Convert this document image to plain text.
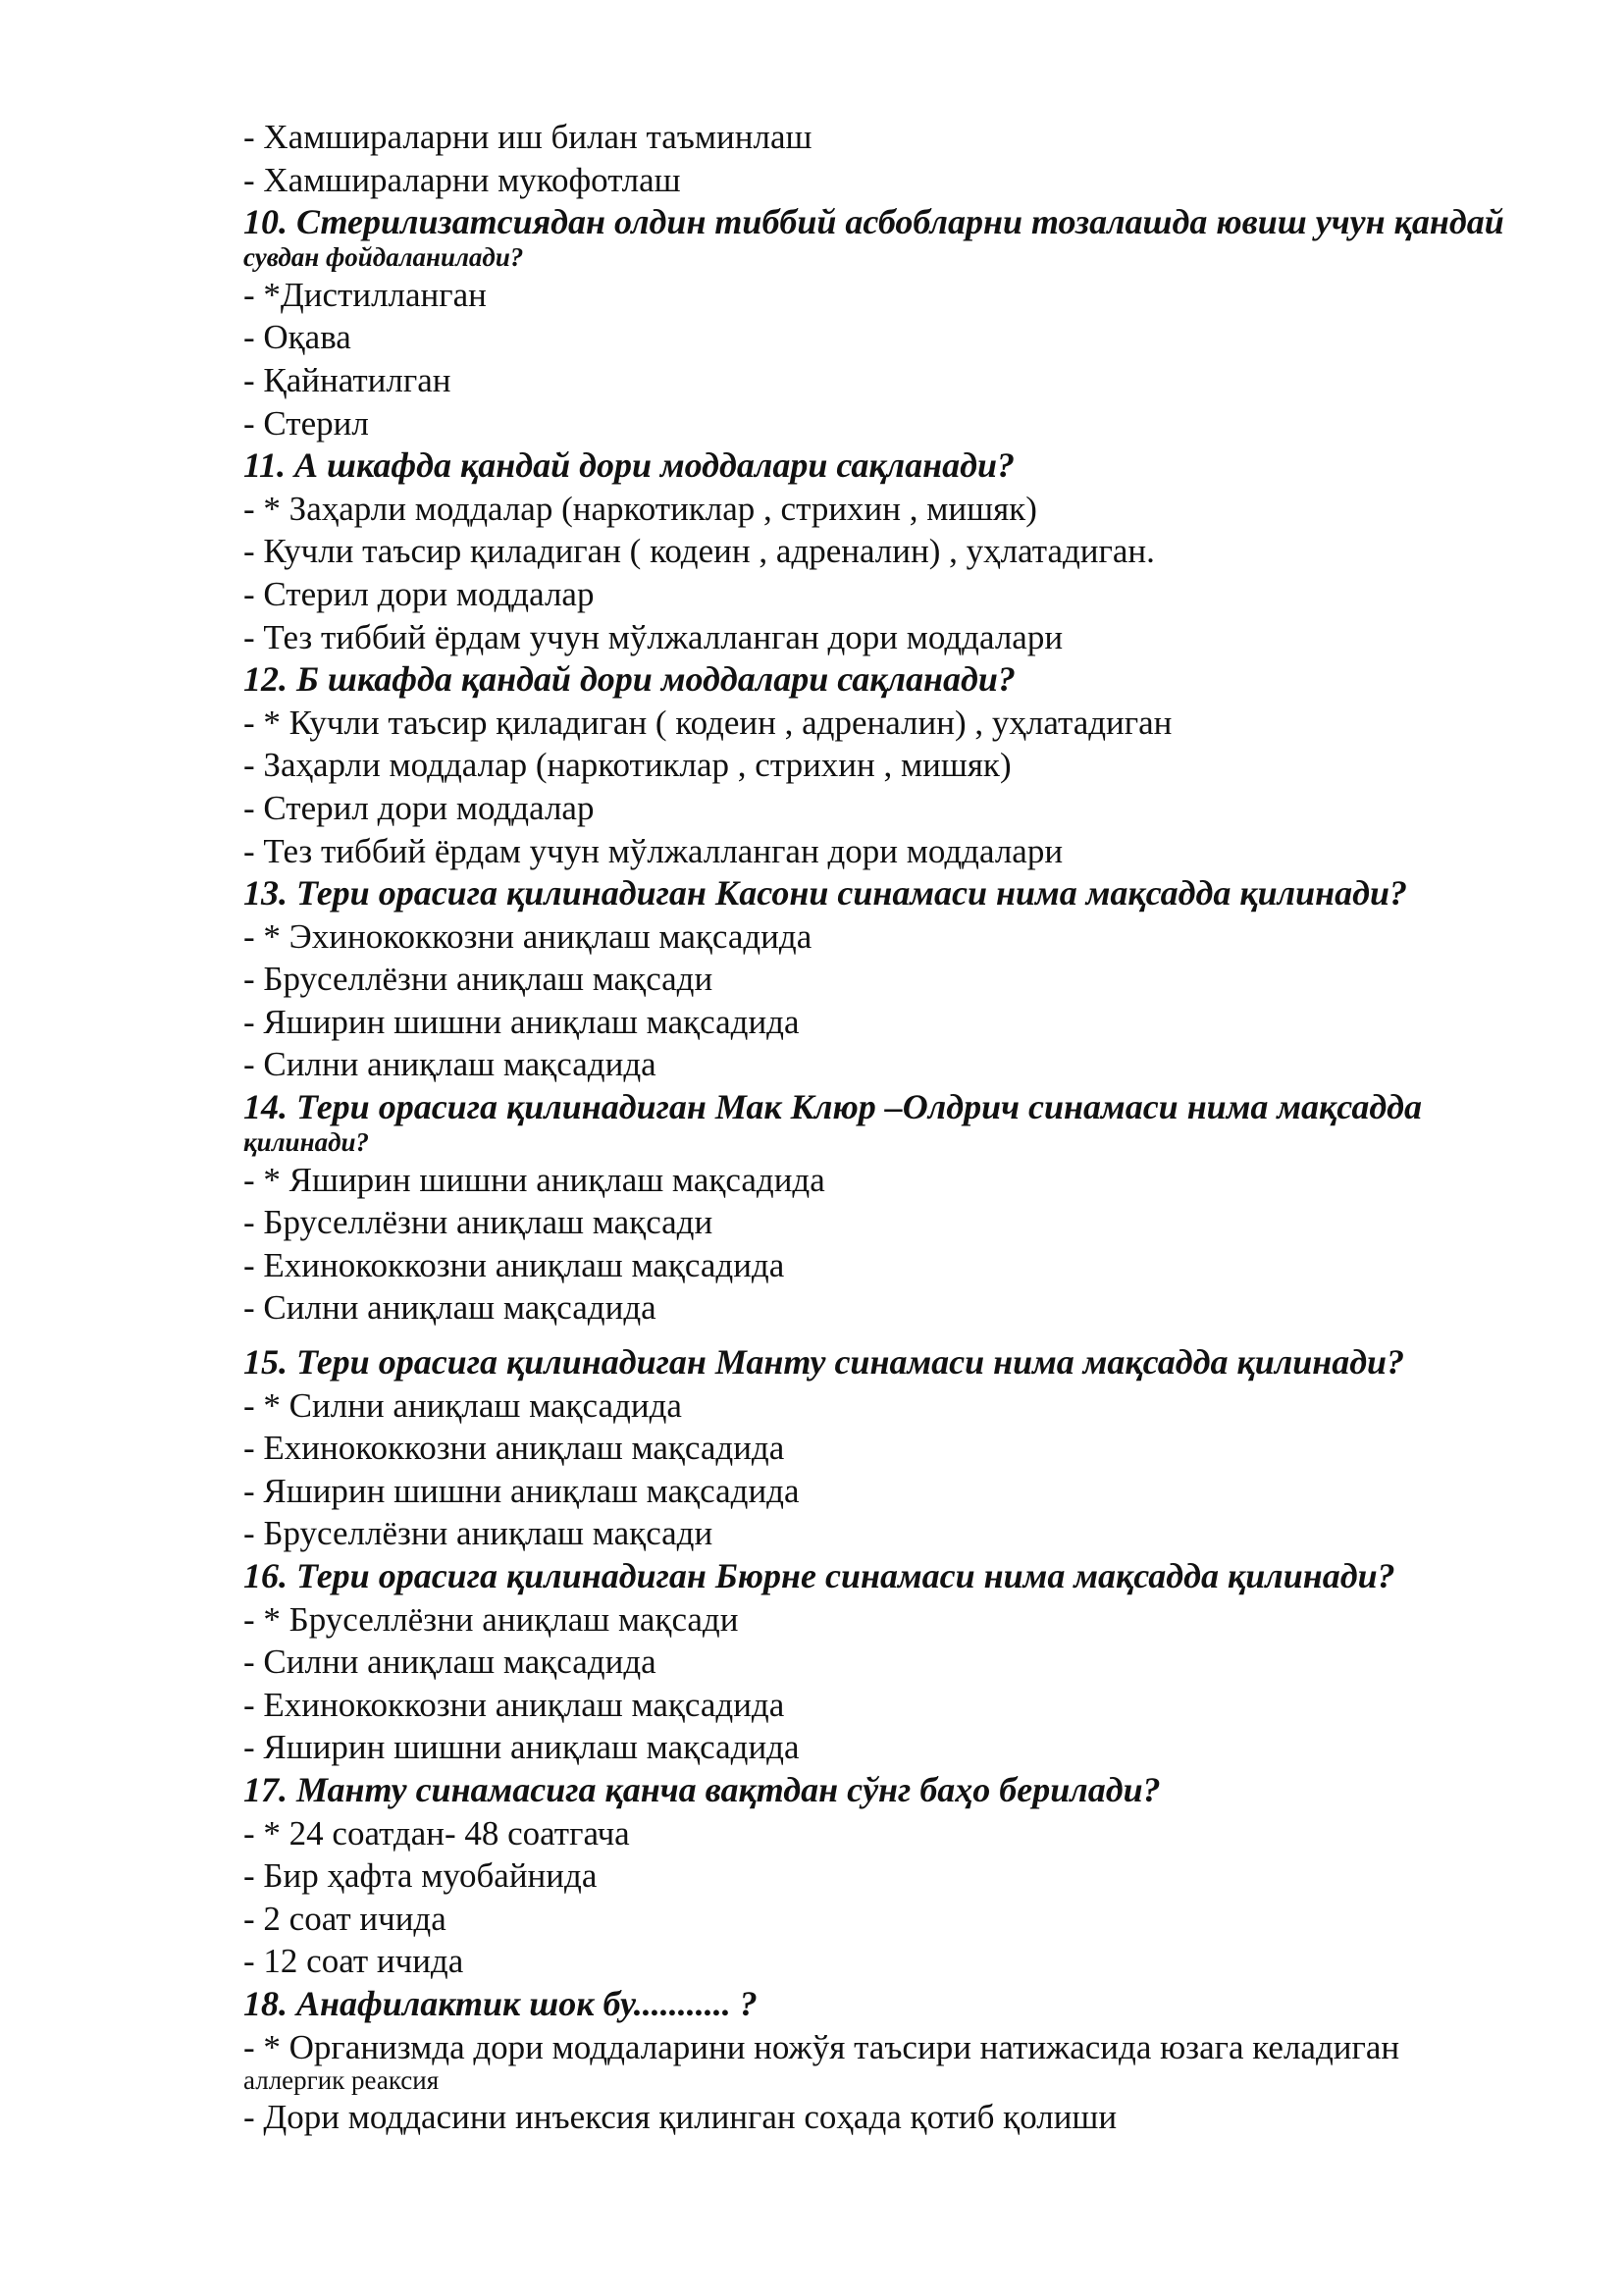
- Хамшираларни иш билан таъминлаш
- Хамшираларни мукофотлаш
10. Стерилизатсиядан олдин тиббий асбобларни тозалашда ювиш учун қандай
сувдан фойдаланилади?
- *Дистилланган
- Оқава
- Қайнатилган
- Стерил
11. А шкафда қандай дори моддалари сақланади?
- * Заҳарли моддалар (наркотиклар , стрихин , мишяк)
- Кучли таъсир қиладиган ( кодеин , адреналин) , уҳлатадиган.
- Стерил дори моддалар
- Тез тиббий ёрдам учун мўлжалланган дори моддалари
12. Б шкафда қандай дори моддалари сақланади?
- * Кучли таъсир қиладиган ( кодеин , адреналин) , уҳлатадиган
- Заҳарли моддалар (наркотиклар , стрихин , мишяк)
- Стерил дори моддалар
- Тез тиббий ёрдам учун мўлжалланган дори моддалари
13. Тери орасига қилинадиган Касони синамаси нима мақсадда қилинади?
- * Эхинококкозни аниқлаш мақсадида
- Бруселлёзни аниқлаш мақсади
- Яширин шишни аниқлаш мақсадида
- Силни аниқлаш мақсадида
14. Тери орасига қилинадиган Мак Клюр –Олдрич синамаси нима мақсадда
қилинади?
- * Яширин шишни аниқлаш мақсадида
- Бруселлёзни аниқлаш мақсади
- Ехинококкозни аниқлаш мақсадида
- Силни аниқлаш мақсадида
15. Тери орасига қилинадиган Манту синамаси нима мақсадда қилинади?
- * Силни аниқлаш мақсадида
- Ехинококкозни аниқлаш мақсадида
- Яширин шишни аниқлаш мақсадида
- Бруселлёзни аниқлаш мақсади
16. Тери орасига қилинадиган Бюрне синамаси нима мақсадда қилинади?
- * Бруселлёзни аниқлаш мақсади
- Силни аниқлаш мақсадида
- Ехинококкозни аниқлаш мақсадида
- Яширин шишни аниқлаш мақсадида
17. Манту синамасига қанча вақтдан сўнг баҳо берилади?
- * 24 соатдан- 48 соатгача
- Бир ҳафта муобайнида
- 2 соат ичида
- 12 соат ичида
18. Анафилактик шок бу........... ?
- * Организмда дори моддаларини ножўя таъсири натижасида юзага келадиган
аллергик реаксия
- Дори моддасини инъексия қилинган соҳада қотиб қолиши
